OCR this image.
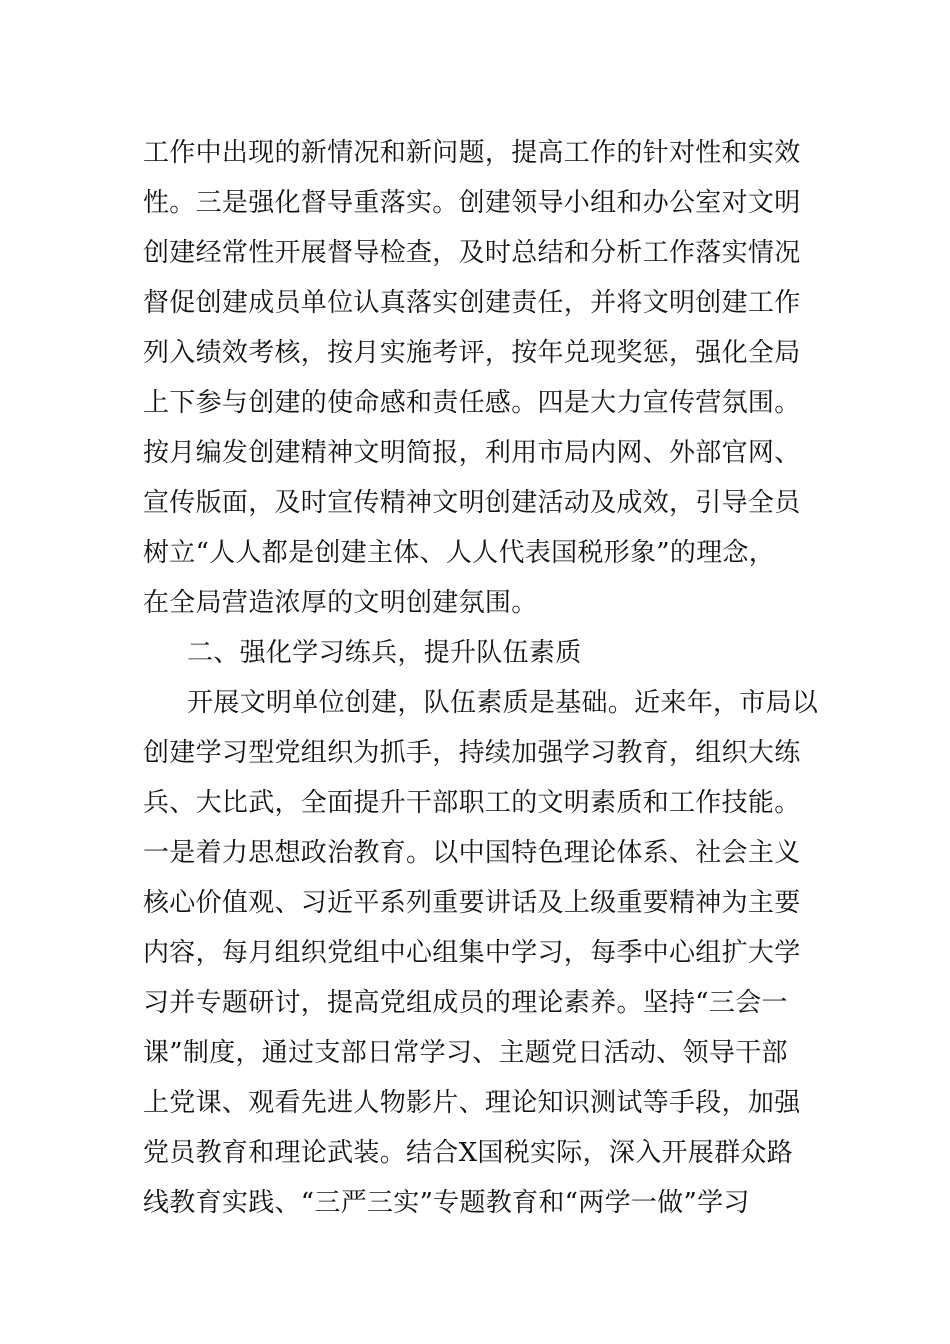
工作中出现的新情况和新问题，提高工作的针对性和实效
性。三是强化督导重落实。创建领导小组和办公室对文明
创建经常性开展督导检查，及时总结和分析工作落实情况
督促创建成员单位认真落实创建责任，并将文明创建工作
列入绩效考核，按月实施考评，按年兑现奖惩，强化全局
上下参与创建的使命感和责任感。四是大力宣传营氛围。
按月编发创建精神文明简报，利用市局内网、外部官网、
宣传版面，及时宣传精神文明创建活动及成效，引导全员
树立“人人都是创建主体、人人代表国税形象”的理念，
在全局营造浓厚的文明创建氛围。
二、强化学习练兵，提升队伍素质
开展文明单位创建，队伍素质是基础。近来年，市局以
创建学习型党组织为抓手，持续加强学习教育，组织大练
兵、大比武，全面提升干部职工的文明素质和工作技能。
一是着力思想政治教育。以中国特色理论体系、社会主义
核心价值观、习近平系列重要讲话及上级重要精神为主要
内容，每月组织党组中心组集中学习，每季中心组扩大学
习并专题研讨，提高党组成员的理论素养。坚持“三会一
课”制度，通过支部日常学习、主题党日活动、领导干部
上党课、观看先进人物影片、理论知识测试等手段，加强
党员教育和理论武装。结合X国税实际，深入开展群众路
线教育实践、“三严三实”专题教育和“两学一做”学习
